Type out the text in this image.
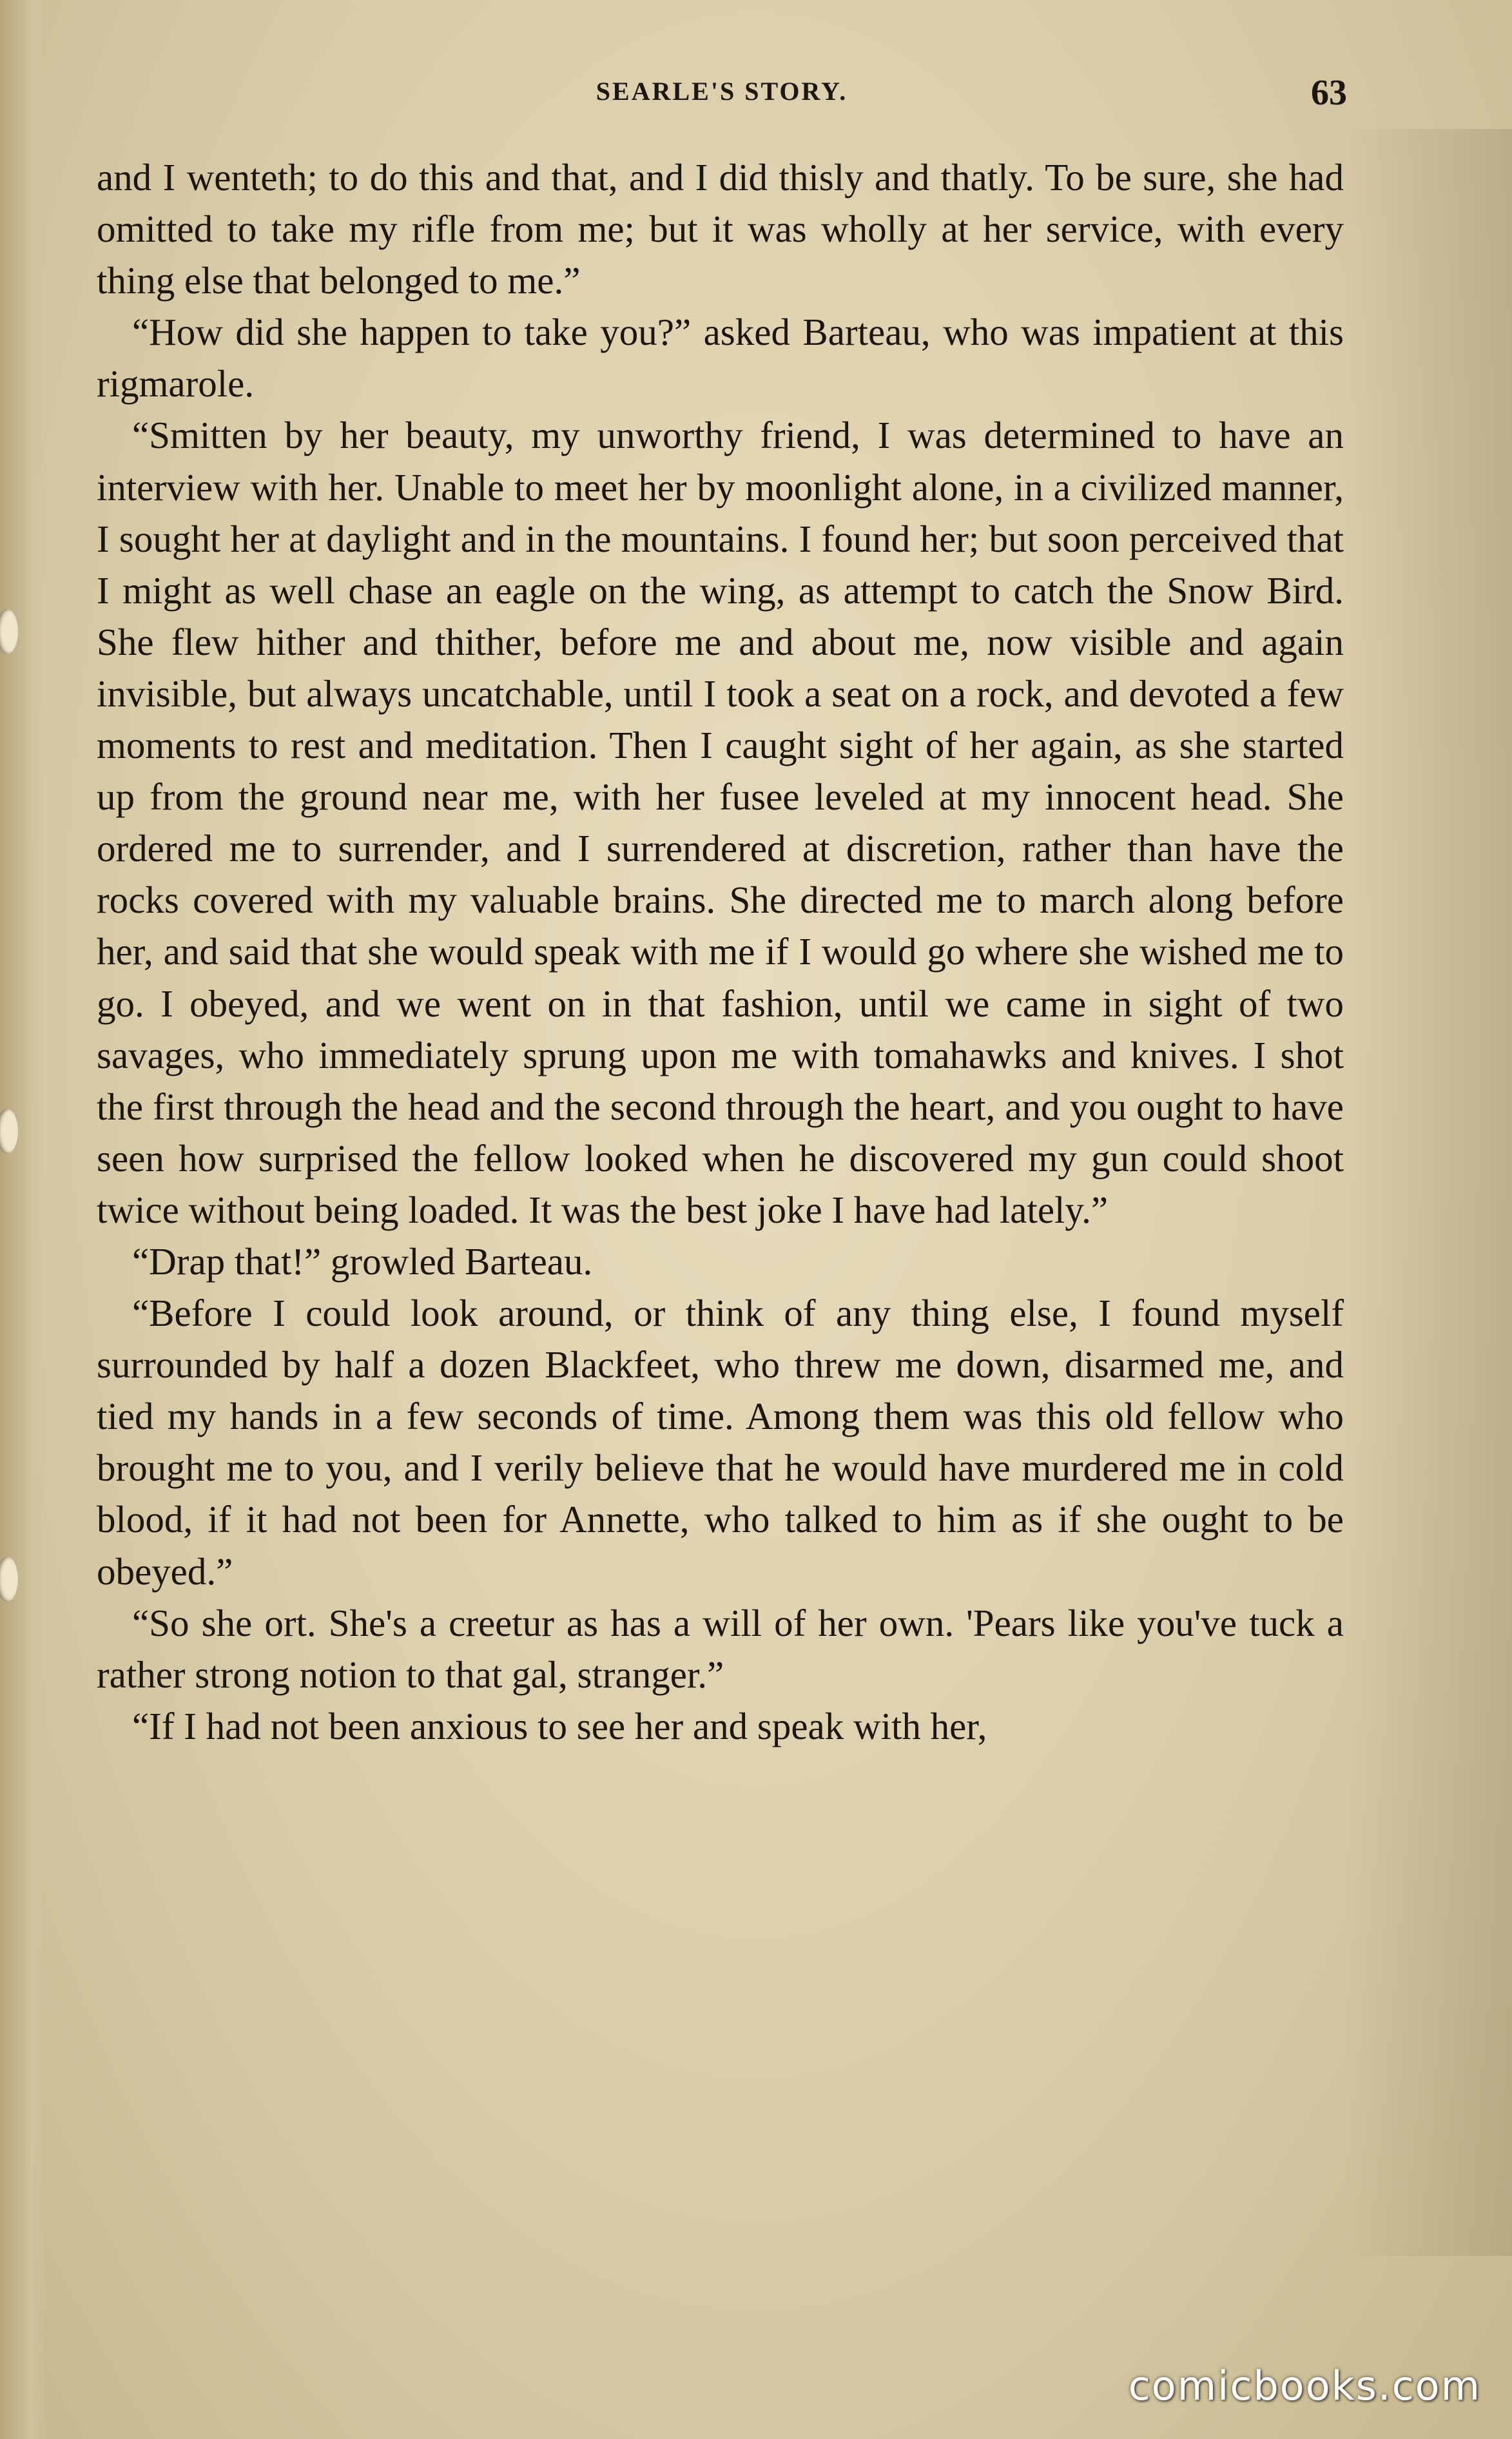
SEARLE'S STORY.	63

and I wenteth; to do this and that, and I did thisly and thatly. To be sure, she had omitted to take my rifle from me; but it was wholly at her service, with every thing else that belonged to me.”

“How did she happen to take you?” asked Barteau, who was impatient at this rigmarole.

“Smitten by her beauty, my unworthy friend, I was determined to have an interview with her. Unable to meet her by moonlight alone, in a civilized manner, I sought her at daylight and in the mountains. I found her; but soon perceived that I might as well chase an eagle on the wing, as attempt to catch the Snow Bird. She flew hither and thither, before me and about me, now visible and again invisible, but always uncatchable, until I took a seat on a rock, and devoted a few moments to rest and meditation. Then I caught sight of her again, as she started up from the ground near me, with her fusee leveled at my innocent head. She ordered me to surrender, and I surrendered at discretion, rather than have the rocks covered with my valuable brains. She directed me to march along before her, and said that she would speak with me if I would go where she wished me to go. I obeyed, and we went on in that fashion, until we came in sight of two savages, who immediately sprung upon me with tomahawks and knives. I shot the first through the head and the second through the heart, and you ought to have seen how surprised the fellow looked when he discovered my gun could shoot twice without being loaded. It was the best joke I have had lately.”

“Drap that!” growled Barteau.

“Before I could look around, or think of any thing else, I found myself surrounded by half a dozen Blackfeet, who threw me down, disarmed me, and tied my hands in a few seconds of time. Among them was this old fellow who brought me to you, and I verily believe that he would have murdered me in cold blood, if it had not been for Annette, who talked to him as if she ought to be obeyed.”

“So she ort. She's a creetur as has a will of her own. 'Pears like you've tuck a rather strong notion to that gal, stranger.”

“If I had not been anxious to see her and speak with her,

comicbooks.com
